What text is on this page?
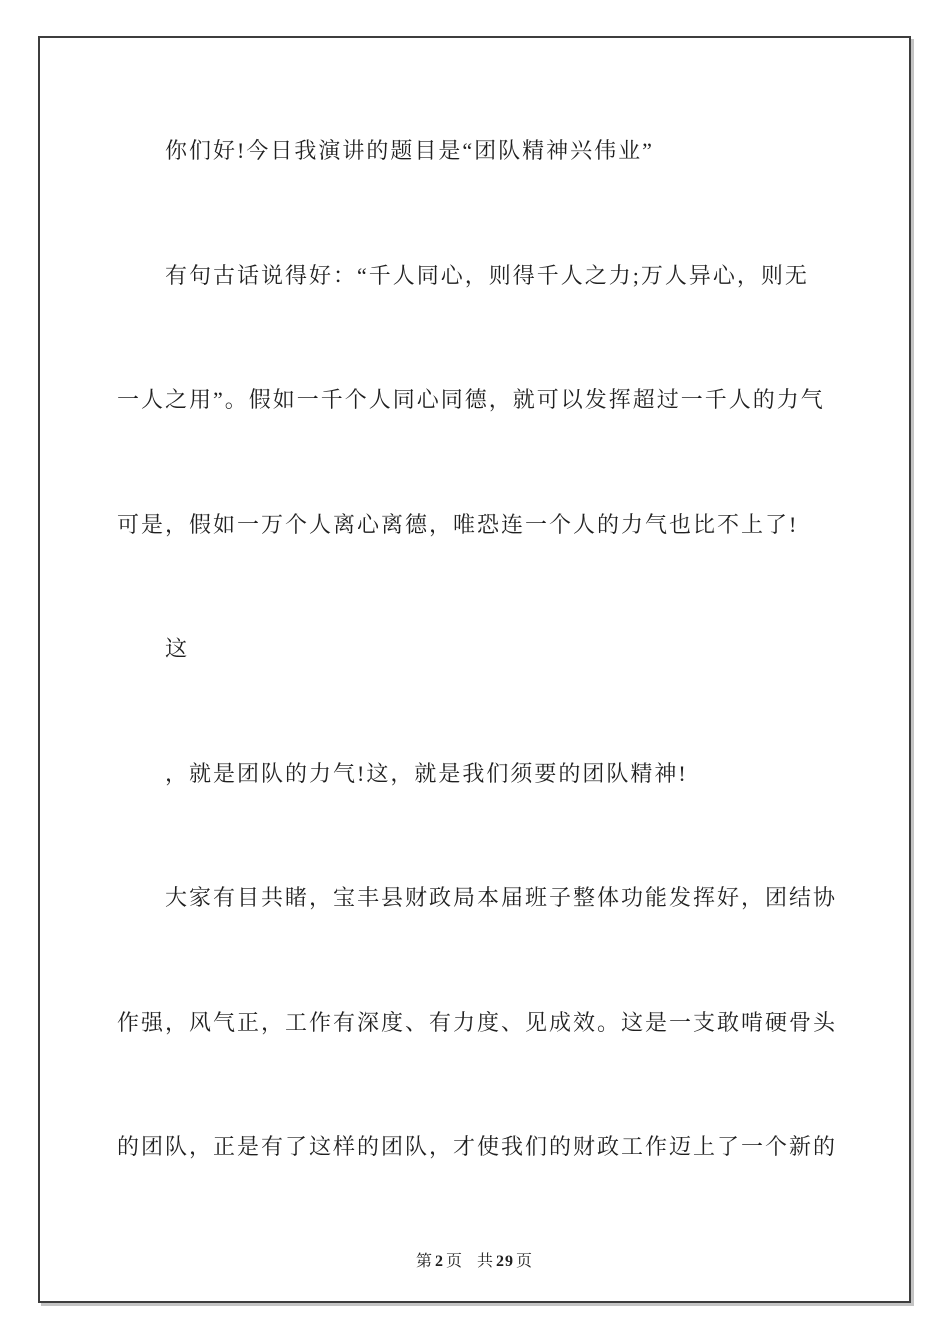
你们好!今日我演讲的题目是“团队精神兴伟业”
有句古话说得好：“千人同心，则得千人之力;万人异心，则无
一人之用”。假如一千个人同心同德，就可以发挥超过一千人的力气
可是，假如一万个人离心离德，唯恐连一个人的力气也比不上了!
这
，就是团队的力气!这，就是我们须要的团队精神!
大家有目共睹，宝丰县财政局本届班子整体功能发挥好，团结协
作强，风气正，工作有深度、有力度、见成效。这是一支敢啃硬骨头
的团队，正是有了这样的团队，才使我们的财政工作迈上了一个新的
第 2 页 共 29 页
